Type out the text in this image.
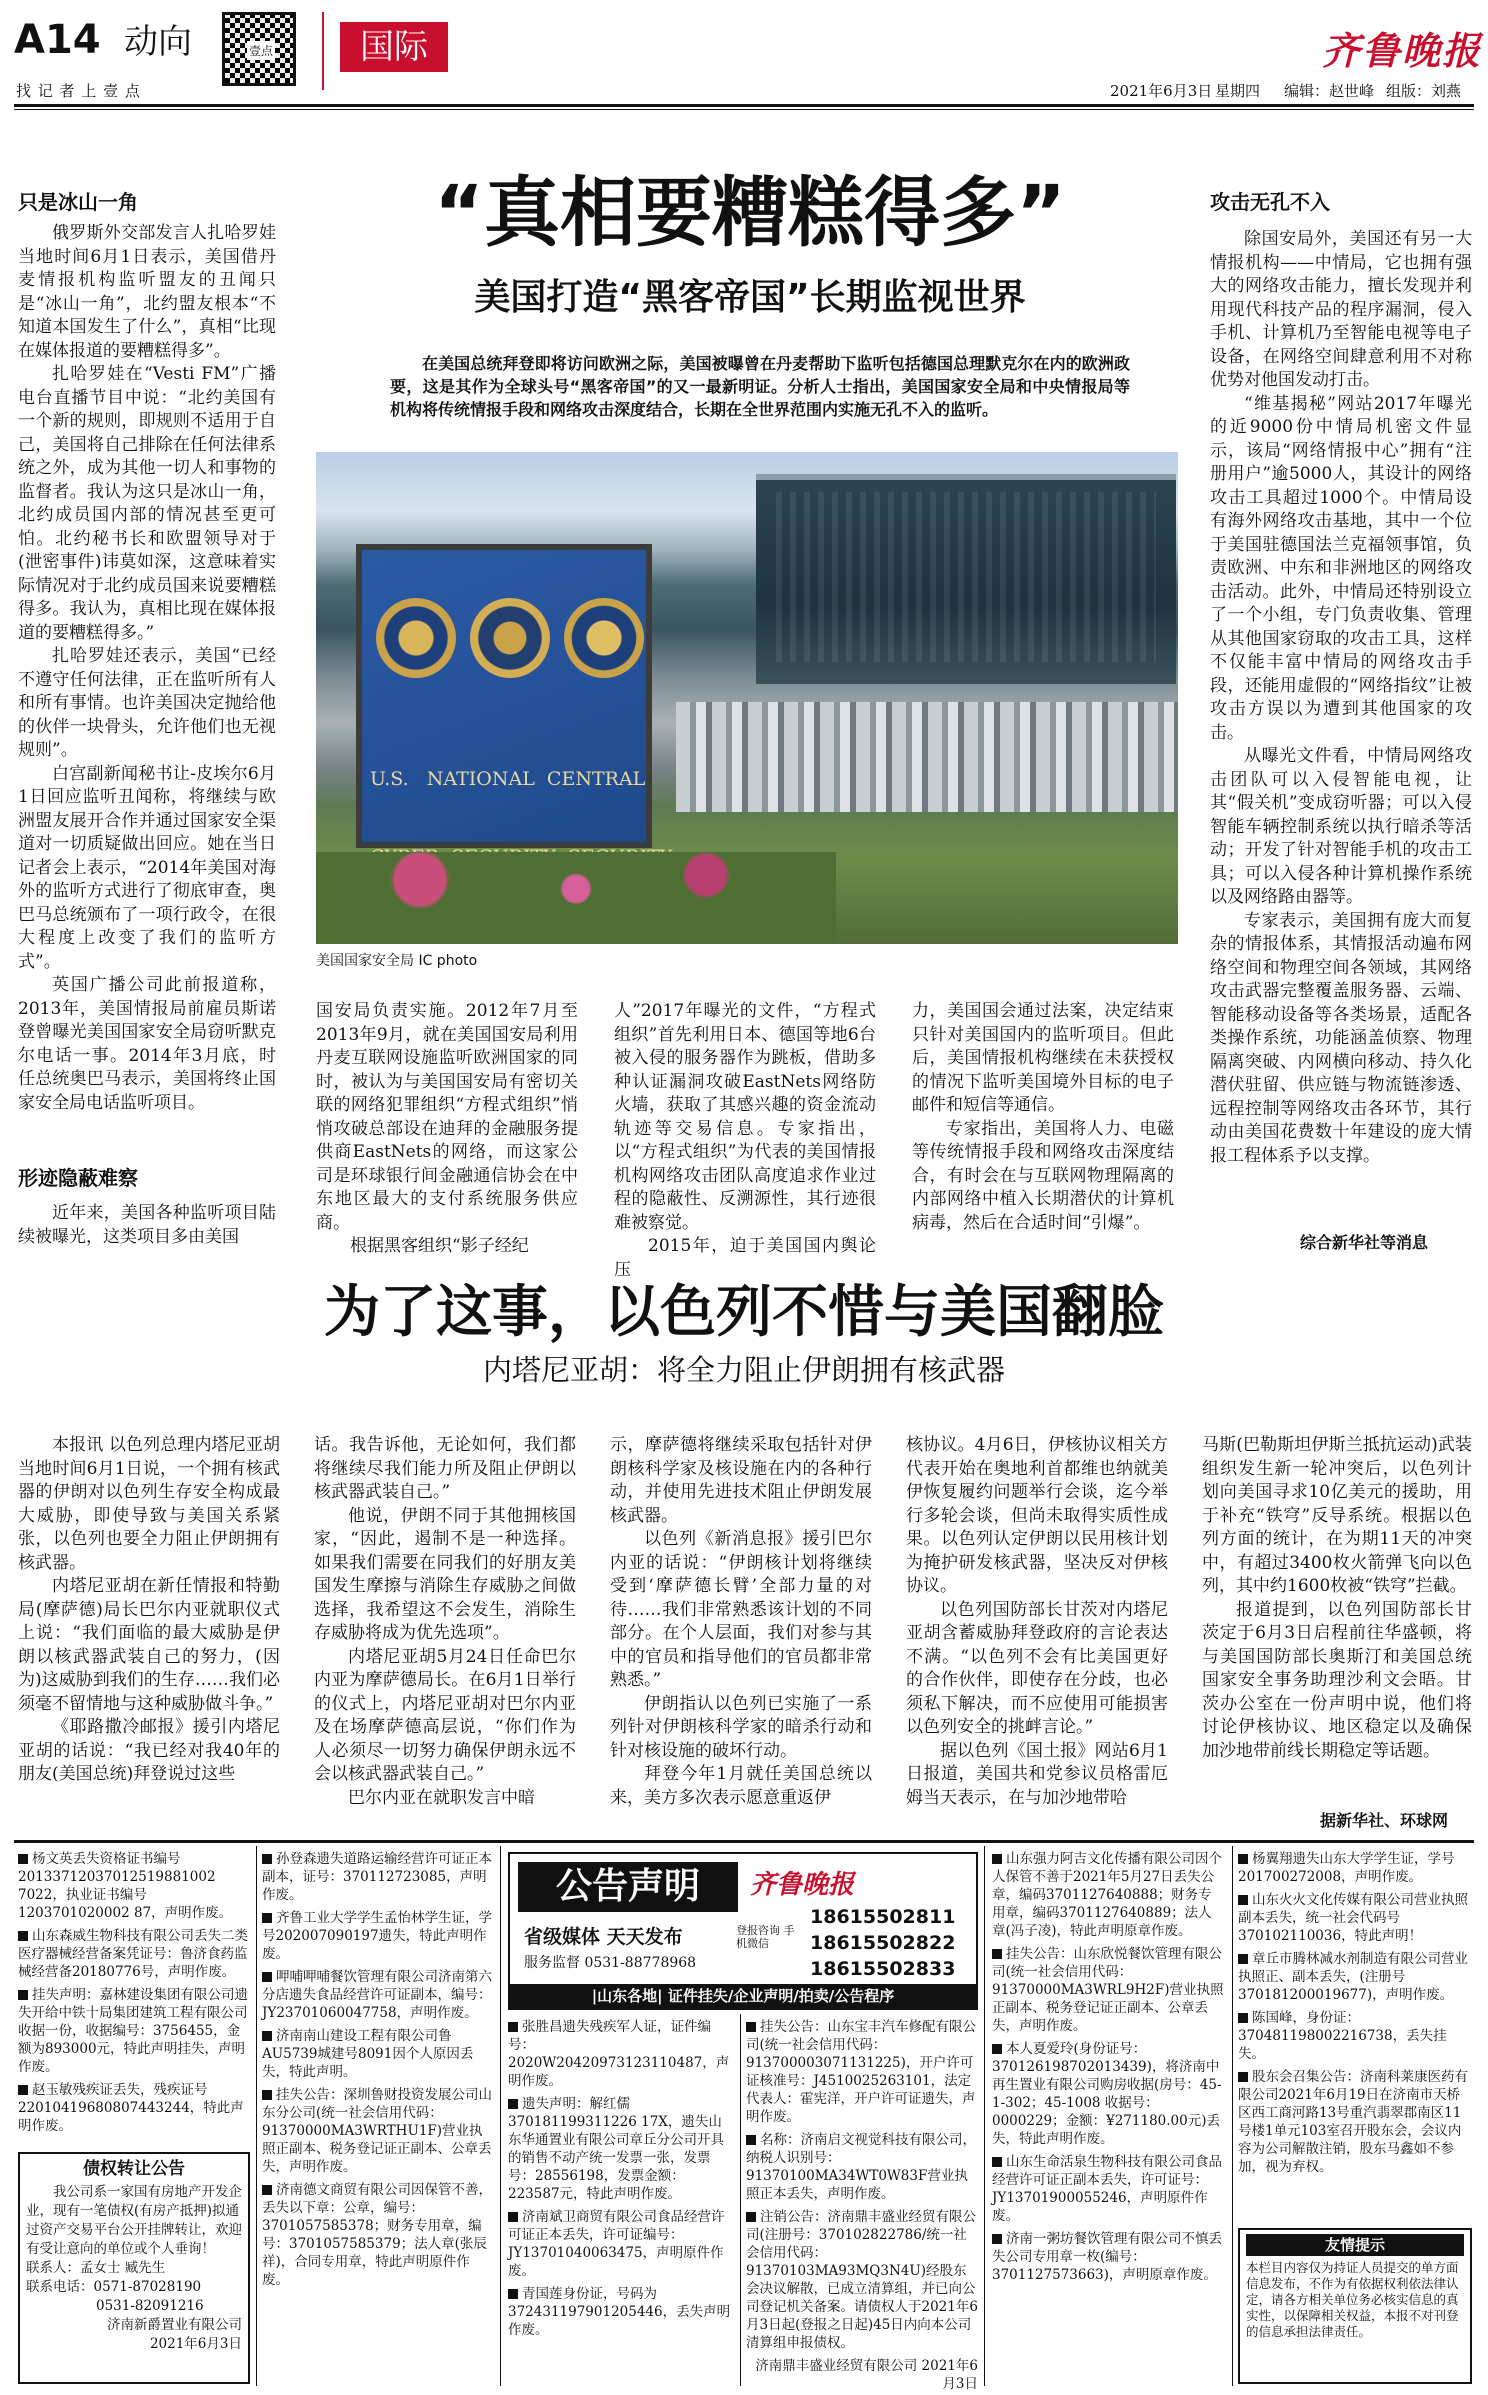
A14 动向
找 记 者 上 壹 点
壹点	国际	齐鲁晚报
2021年6月3日 星期四 编辑：赵世峰 组版：刘燕
只是冰山一角

俄罗斯外交部发言人扎哈罗娃当地时间6月1日表示，美国借丹麦情报机构监听盟友的丑闻只是“冰山一角”，北约盟友根本“不知道本国发生了什么”，真相“比现在媒体报道的要糟糕得多”。

扎哈罗娃在“Vesti FM”广播电台直播节目中说：“北约美国有一个新的规则，即规则不适用于自己，美国将自己排除在任何法律系统之外，成为其他一切人和事物的监督者。我认为这只是冰山一角，北约成员国内部的情况甚至更可怕。北约秘书长和欧盟领导对于(泄密事件)讳莫如深，这意味着实际情况对于北约成员国来说要糟糕得多。我认为，真相比现在媒体报道的要糟糕得多。”

扎哈罗娃还表示，美国“已经不遵守任何法律，正在监听所有人和所有事情。也许美国决定抛给他的伙伴一块骨头，允许他们也无视规则”。

白宫副新闻秘书让-皮埃尔6月1日回应监听丑闻称，将继续与欧洲盟友展开合作并通过国家安全渠道对一切质疑做出回应。她在当日记者会上表示，“2014年美国对海外的监听方式进行了彻底审查，奥巴马总统颁布了一项行政令，在很大程度上改变了我们的监听方式”。

英国广播公司此前报道称，2013年，美国情报局前雇员斯诺登曾曝光美国国家安全局窃听默克尔电话一事。2014年3月底，时任总统奥巴马表示，美国将终止国家安全局电话监听项目。

形迹隐蔽难察

近年来，美国各种监听项目陆续被曝光，这类项目多由美国

“真相要糟糕得多”
美国打造“黑客帝国”长期监视世界
在美国总统拜登即将访问欧洲之际，美国被曝曾在丹麦帮助下监听包括德国总理默克尔在内的欧洲政要，这是其作为全球头号“黑客帝国”的又一最新明证。分析人士指出，美国国家安全局和中央情报局等机构将传统情报手段和网络攻击深度结合，长期在全世界范围内实施无孔不入的监听。

U.S.   NATIONAL  CENTRAL

美国国家安全局 IC photo

国安局负责实施。2012年7月至2013年9月，就在美国国安局利用丹麦互联网设施监听欧洲国家的同时，被认为与美国国安局有密切关联的网络犯罪组织“方程式组织”悄悄攻破总部设在迪拜的金融服务提供商EastNets的网络，而这家公司是环球银行间金融通信协会在中东地区最大的支付系统服务供应商。

根据黑客组织“影子经纪

人”2017年曝光的文件，“方程式组织”首先利用日本、德国等地6台被入侵的服务器作为跳板，借助多种认证漏洞攻破EastNets网络防火墙，获取了其感兴趣的资金流动轨迹等交易信息。专家指出，以“方程式组织”为代表的美国情报机构网络攻击团队高度追求作业过程的隐蔽性、反溯源性，其行迹很难被察觉。

2015年，迫于美国国内舆论压

力，美国国会通过法案，决定结束只针对美国国内的监听项目。但此后，美国情报机构继续在未获授权的情况下监听美国境外目标的电子邮件和短信等通信。

专家指出，美国将人力、电磁等传统情报手段和网络攻击深度结合，有时会在与互联网物理隔离的内部网络中植入长期潜伏的计算机病毒，然后在合适时间“引爆”。

攻击无孔不入

除国安局外，美国还有另一大情报机构——中情局，它也拥有强大的网络攻击能力，擅长发现并利用现代科技产品的程序漏洞，侵入手机、计算机乃至智能电视等电子设备，在网络空间肆意利用不对称优势对他国发动打击。

“维基揭秘”网站2017年曝光的近9000份中情局机密文件显示，该局“网络情报中心”拥有“注册用户”逾5000人，其设计的网络攻击工具超过1000个。中情局设有海外网络攻击基地，其中一个位于美国驻德国法兰克福领事馆，负责欧洲、中东和非洲地区的网络攻击活动。此外，中情局还特别设立了一个小组，专门负责收集、管理从其他国家窃取的攻击工具，这样不仅能丰富中情局的网络攻击手段，还能用虚假的“网络指纹”让被攻击方误以为遭到其他国家的攻击。

从曝光文件看，中情局网络攻击团队可以入侵智能电视，让其“假关机”变成窃听器；可以入侵智能车辆控制系统以执行暗杀等活动；开发了针对智能手机的攻击工具；可以入侵各种计算机操作系统以及网络路由器等。

专家表示，美国拥有庞大而复杂的情报体系，其情报活动遍布网络空间和物理空间各领域，其网络攻击武器完整覆盖服务器、云端、智能移动设备等各类场景，适配各类操作系统，功能涵盖侦察、物理隔离突破、内网横向移动、持久化潜伏驻留、供应链与物流链渗透、远程控制等网络攻击各环节，其行动由美国花费数十年建设的庞大情报工程体系予以支撑。

综合新华社等消息
为了这事，以色列不惜与美国翻脸
内塔尼亚胡：将全力阻止伊朗拥有核武器

本报讯 以色列总理内塔尼亚胡当地时间6月1日说，一个拥有核武器的伊朗对以色列生存安全构成最大威胁，即使导致与美国关系紧张，以色列也要全力阻止伊朗拥有核武器。

内塔尼亚胡在新任情报和特勤局(摩萨德)局长巴尔内亚就职仪式上说：“我们面临的最大威胁是伊朗以核武器武装自己的努力，(因为)这威胁到我们的生存……我们必须毫不留情地与这种威胁做斗争。”

《耶路撒冷邮报》援引内塔尼亚胡的话说：“我已经对我40年的朋友(美国总统)拜登说过这些

话。我告诉他，无论如何，我们都将继续尽我们能力所及阻止伊朗以核武器武装自己。”

他说，伊朗不同于其他拥核国家，“因此，遏制不是一种选择。如果我们需要在同我们的好朋友美国发生摩擦与消除生存威胁之间做选择，我希望这不会发生，消除生存威胁将成为优先选项”。

内塔尼亚胡5月24日任命巴尔内亚为摩萨德局长。在6月1日举行的仪式上，内塔尼亚胡对巴尔内亚及在场摩萨德高层说，“你们作为人必须尽一切努力确保伊朗永远不会以核武器武装自己。”

巴尔内亚在就职发言中暗

示，摩萨德将继续采取包括针对伊朗核科学家及核设施在内的各种行动，并使用先进技术阻止伊朗发展核武器。

以色列《新消息报》援引巴尔内亚的话说：“伊朗核计划将继续受到‘摩萨德长臂’全部力量的对待……我们非常熟悉该计划的不同部分。在个人层面，我们对参与其中的官员和指导他们的官员都非常熟悉。”

伊朗指认以色列已实施了一系列针对伊朗核科学家的暗杀行动和针对核设施的破坏行动。

拜登今年1月就任美国总统以来，美方多次表示愿意重返伊

核协议。4月6日，伊核协议相关方代表开始在奥地利首都维也纳就美伊恢复履约问题举行会谈，迄今举行多轮会谈，但尚未取得实质性成果。以色列认定伊朗以民用核计划为掩护研发核武器，坚决反对伊核协议。

以色列国防部长甘茨对内塔尼亚胡含蓄威胁拜登政府的言论表达不满。“以色列不会有比美国更好的合作伙伴，即使存在分歧，也必须私下解决，而不应使用可能损害以色列安全的挑衅言论。”

据以色列《国土报》网站6月1日报道，美国共和党参议员格雷厄姆当天表示，在与加沙地带哈

马斯(巴勒斯坦伊斯兰抵抗运动)武装组织发生新一轮冲突后，以色列计划向美国寻求10亿美元的援助，用于补充“铁穹”反导系统。根据以色列方面的统计，在为期11天的冲突中，有超过3400枚火箭弹飞向以色列，其中约1600枚被“铁穹”拦截。

报道提到，以色列国防部长甘茨定于6月3日启程前往华盛顿，将与美国国防部长奥斯汀和美国总统国家安全事务助理沙利文会晤。甘茨办公室在一份声明中说，他们将讨论伊核协议、地区稳定以及确保加沙地带前线长期稳定等话题。

据新华社、环球网

杨文英丢失资格证书编号20133712037012519881002 7022，执业证书编号1203701020002 87，声明作废。

山东森威生物科技有限公司丢失二类医疗器械经营备案凭证号：鲁济食药监械经营备20180776号，声明作废。

挂失声明：嘉林建设集团有限公司遗失开给中铁十局集团建筑工程有限公司收据一份，收据编号：3756455，金额为893000元，特此声明挂失，声明作废。

赵玉敏残疾证丢失，残疾证号22010419680807443244，特此声明作废。

债权转让公告
我公司系一家国有房地产开发企业，现有一笔债权(有房产抵押)拟通过资产交易平台公开挂牌转让，欢迎有受让意向的单位或个人垂询！
联系人：孟女士 臧先生
联系电话：0571-87028190
0531-82091216
济南新爵置业有限公司
2021年6月3日

孙登森遗失道路运输经营许可证正本副本，证号：370112723085，声明作废。

齐鲁工业大学学生孟怡林学生证，学号202007090197遗失，特此声明作废。

呷哺呷哺餐饮管理有限公司济南第六分店遗失食品经营许可证副本，编号：JY23701060047758，声明作废。

济南南山建设工程有限公司鲁AU5739城建号8091因个人原因丢失，特此声明。

挂失公告：深圳鲁财投资发展公司山东分公司(统一社会信用代码：91370000MA3WRTHU1F)营业执照正副本、税务登记证正副本、公章丢失，声明作废。

济南德文商贸有限公司因保管不善，丢失以下章：公章，编号：3701057585378；财务专用章，编号：3701057585379；法人章(张辰祥)，合同专用章，特此声明原件作废。

公告声明	齐鲁晚报
省级媒体 天天发布	登报咨询 手机微信
服务监督 0531-88778968
18615502811
18615502822
18615502833
|山东各地| 证件挂失/企业声明/拍卖/公告程序

张胜昌遗失残疾军人证，证件编号：2020W20420973123110487，声明作废。

遗失声明：解红儒370181199311226 17X，遗失山东华通置业有限公司章丘分公司开具的销售不动产统一发票一张，发票号：28556198，发票金额：223587元，特此声明作废。

济南斌卫商贸有限公司食品经营许可证正本丢失，许可证编号：JY13701040063475，声明原件作废。

青国莲身份证，号码为372431197901205446，丢失声明作废。

挂失公告：山东宝丰汽车修配有限公司(统一社会信用代码：913700003071131225)，开户许可证核准号：J4510025263101，法定代表人：霍宪洋，开户许可证遗失，声明作废。

名称：济南启文视觉科技有限公司，纳税人识别号：91370100MA34WT0W83F营业执照正本丢失，声明作废。

注销公告：济南鼎丰盛业经贸有限公司(注册号：370102822786/统一社会信用代码：91370103MA93MQ3N4U)经股东会决议解散，已成立清算组，并已向公司登记机关备案。请债权人于2021年6月3日起(登报之日起)45日内向本公司清算组申报债权。

济南鼎丰盛业经贸有限公司 2021年6月3日

山东强力阿吉文化传播有限公司因个人保管不善于2021年5月27日丢失公章，编码3701127640888；财务专用章，编码3701127640889；法人章(冯子凌)，特此声明原章作废。

挂失公告：山东欣悦餐饮管理有限公司(统一社会信用代码：91370000MA3WRL9H2F)营业执照正副本、税务登记证正副本、公章丢失，声明作废。

本人夏爱玲(身份证号：370126198702013439)，将济南中再生置业有限公司购房收据(房号：45-1-302；45-1008 收据号：0000229；金额：¥271180.00元)丢失，特此声明作废。

山东生命活泉生物科技有限公司食品经营许可证正副本丢失，许可证号：JY13701900055246，声明原件作废。

济南一粥坊餐饮管理有限公司不慎丢失公司专用章一枚(编号：3701127573663)，声明原章作废。

杨翼翔遗失山东大学学生证，学号201700272008，声明作废。

山东火火文化传媒有限公司营业执照副本丢失，统一社会代码号370102110036，特此声明！

章丘市腾林减水剂制造有限公司营业执照正、副本丢失，(注册号370181200019677)，声明作废。

陈国峰，身份证：370481198002216738，丢失挂失。

股东会召集公告：济南科莱康医药有限公司2021年6月19日在济南市天桥区西工商河路13号重汽翡翠郡南区11号楼1单元103室召开股东会，会议内容为公司解散注销，股东马鑫如不参加，视为弃权。

友情提示
本栏目内容仅为持证人员提交的单方面信息发布，不作为有依据权利依法律认定，请各方相关单位务必核实信息的真实性，以保障相关权益，本报不对刊登的信息承担法律责任。
